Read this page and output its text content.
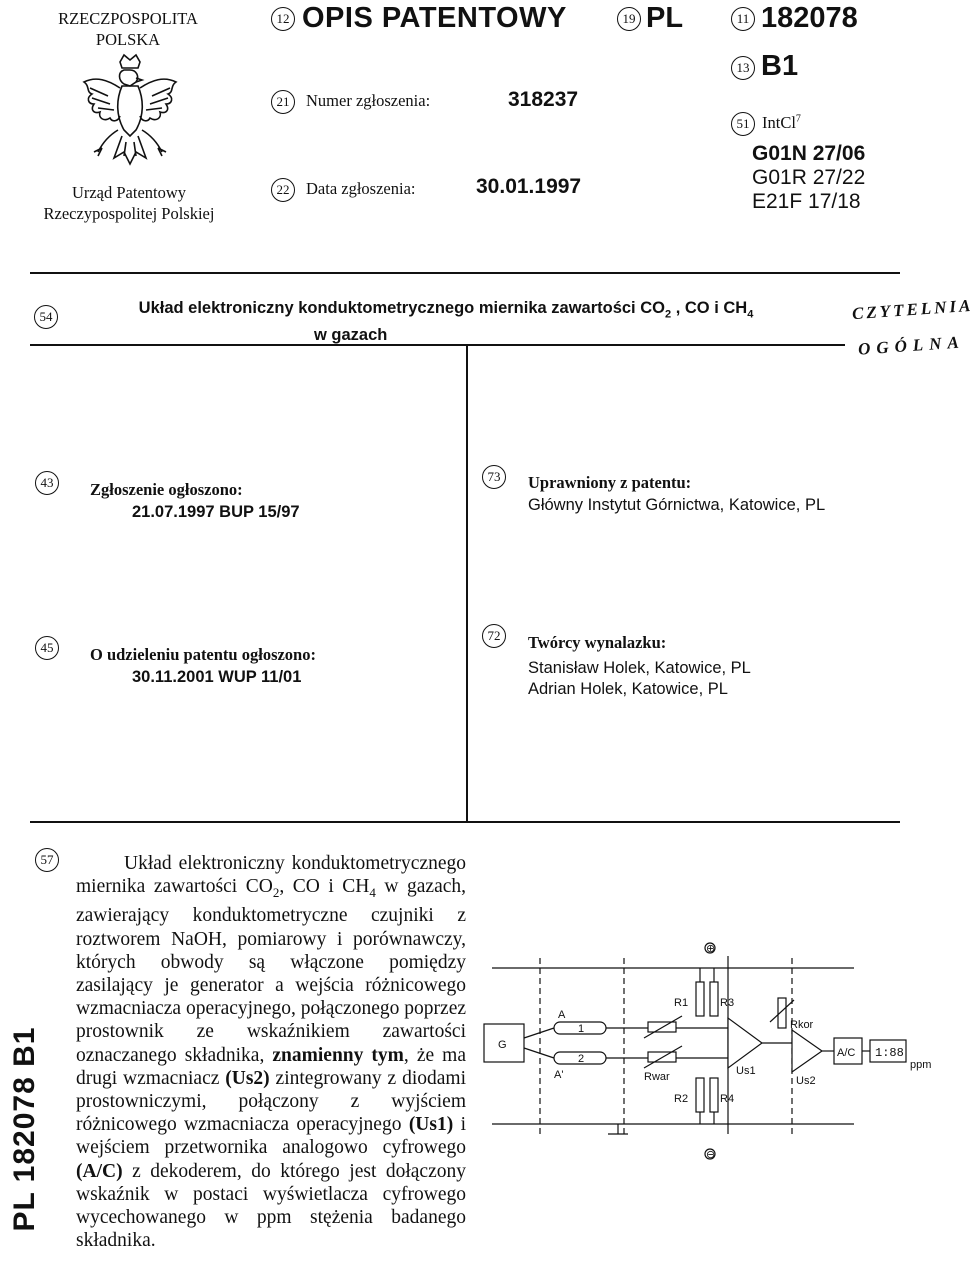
RZECZPOSPOLITA
POLSKA
Urząd Patentowy
Rzeczypospolitej Polskiej
12 OPIS PATENTOWY	19 PL	11 182078
13 B1
21	Numer zgłoszenia:	318237
51 IntCl$^7$
G01N 27/06
G01R 27/22
E21F 17/18
22	Data zgłoszenia:	30.01.1997
54	Układ elektroniczny konduktometrycznego miernika zawartości $CO_2$ , CO i $CH_4$
w gazach
CZYTELNIA
OGÓLNA
43	Zgłoszenie ogłoszono:
21.07.1997 BUP 15/97
73	Uprawniony z patentu:
Główny Instytut Górnictwa, Katowice, PL
45	O udzieleniu patentu ogłoszono:
30.11.2001 WUP 11/01
72	Twórcy wynalazku:
Stanisław Holek, Katowice, PL
Adrian Holek, Katowice, PL
57	Układ elektroniczny konduktometrycznego miernika zawartości $CO_2$, CO i $CH_4$ w gazach, zawierający konduktometryczne czujniki z roztworem NaOH, pomiarowy i porównawczy, których obwody są włączone pomiędzy zasilający je generator a wejścia różnicowego wzmacniacza operacyjnego, połączonego poprzez prostownik ze wskaźnikiem zawartości oznaczanego składnika, znamienny tym, że ma drugi wzmacniacz (Us2) zintegrowany z diodami prostowniczymi, połączony z wyjściem różnicowego wzmacniacza operacyjnego (Us1) i wejściem przetwornika analogowo cyfrowego (A/C) z dekoderem, do którego jest dołączony wskaźnik w postaci wyświetlacza cyfrowego wycechowanego w ppm stężenia badanego składnika.
PL 182078 B1
⊕
⊖
G
1
2
A
A'
R1	R3
R2	R4
Rwar
Rkor
Us1
Us2
A/C 1:88
ppm
